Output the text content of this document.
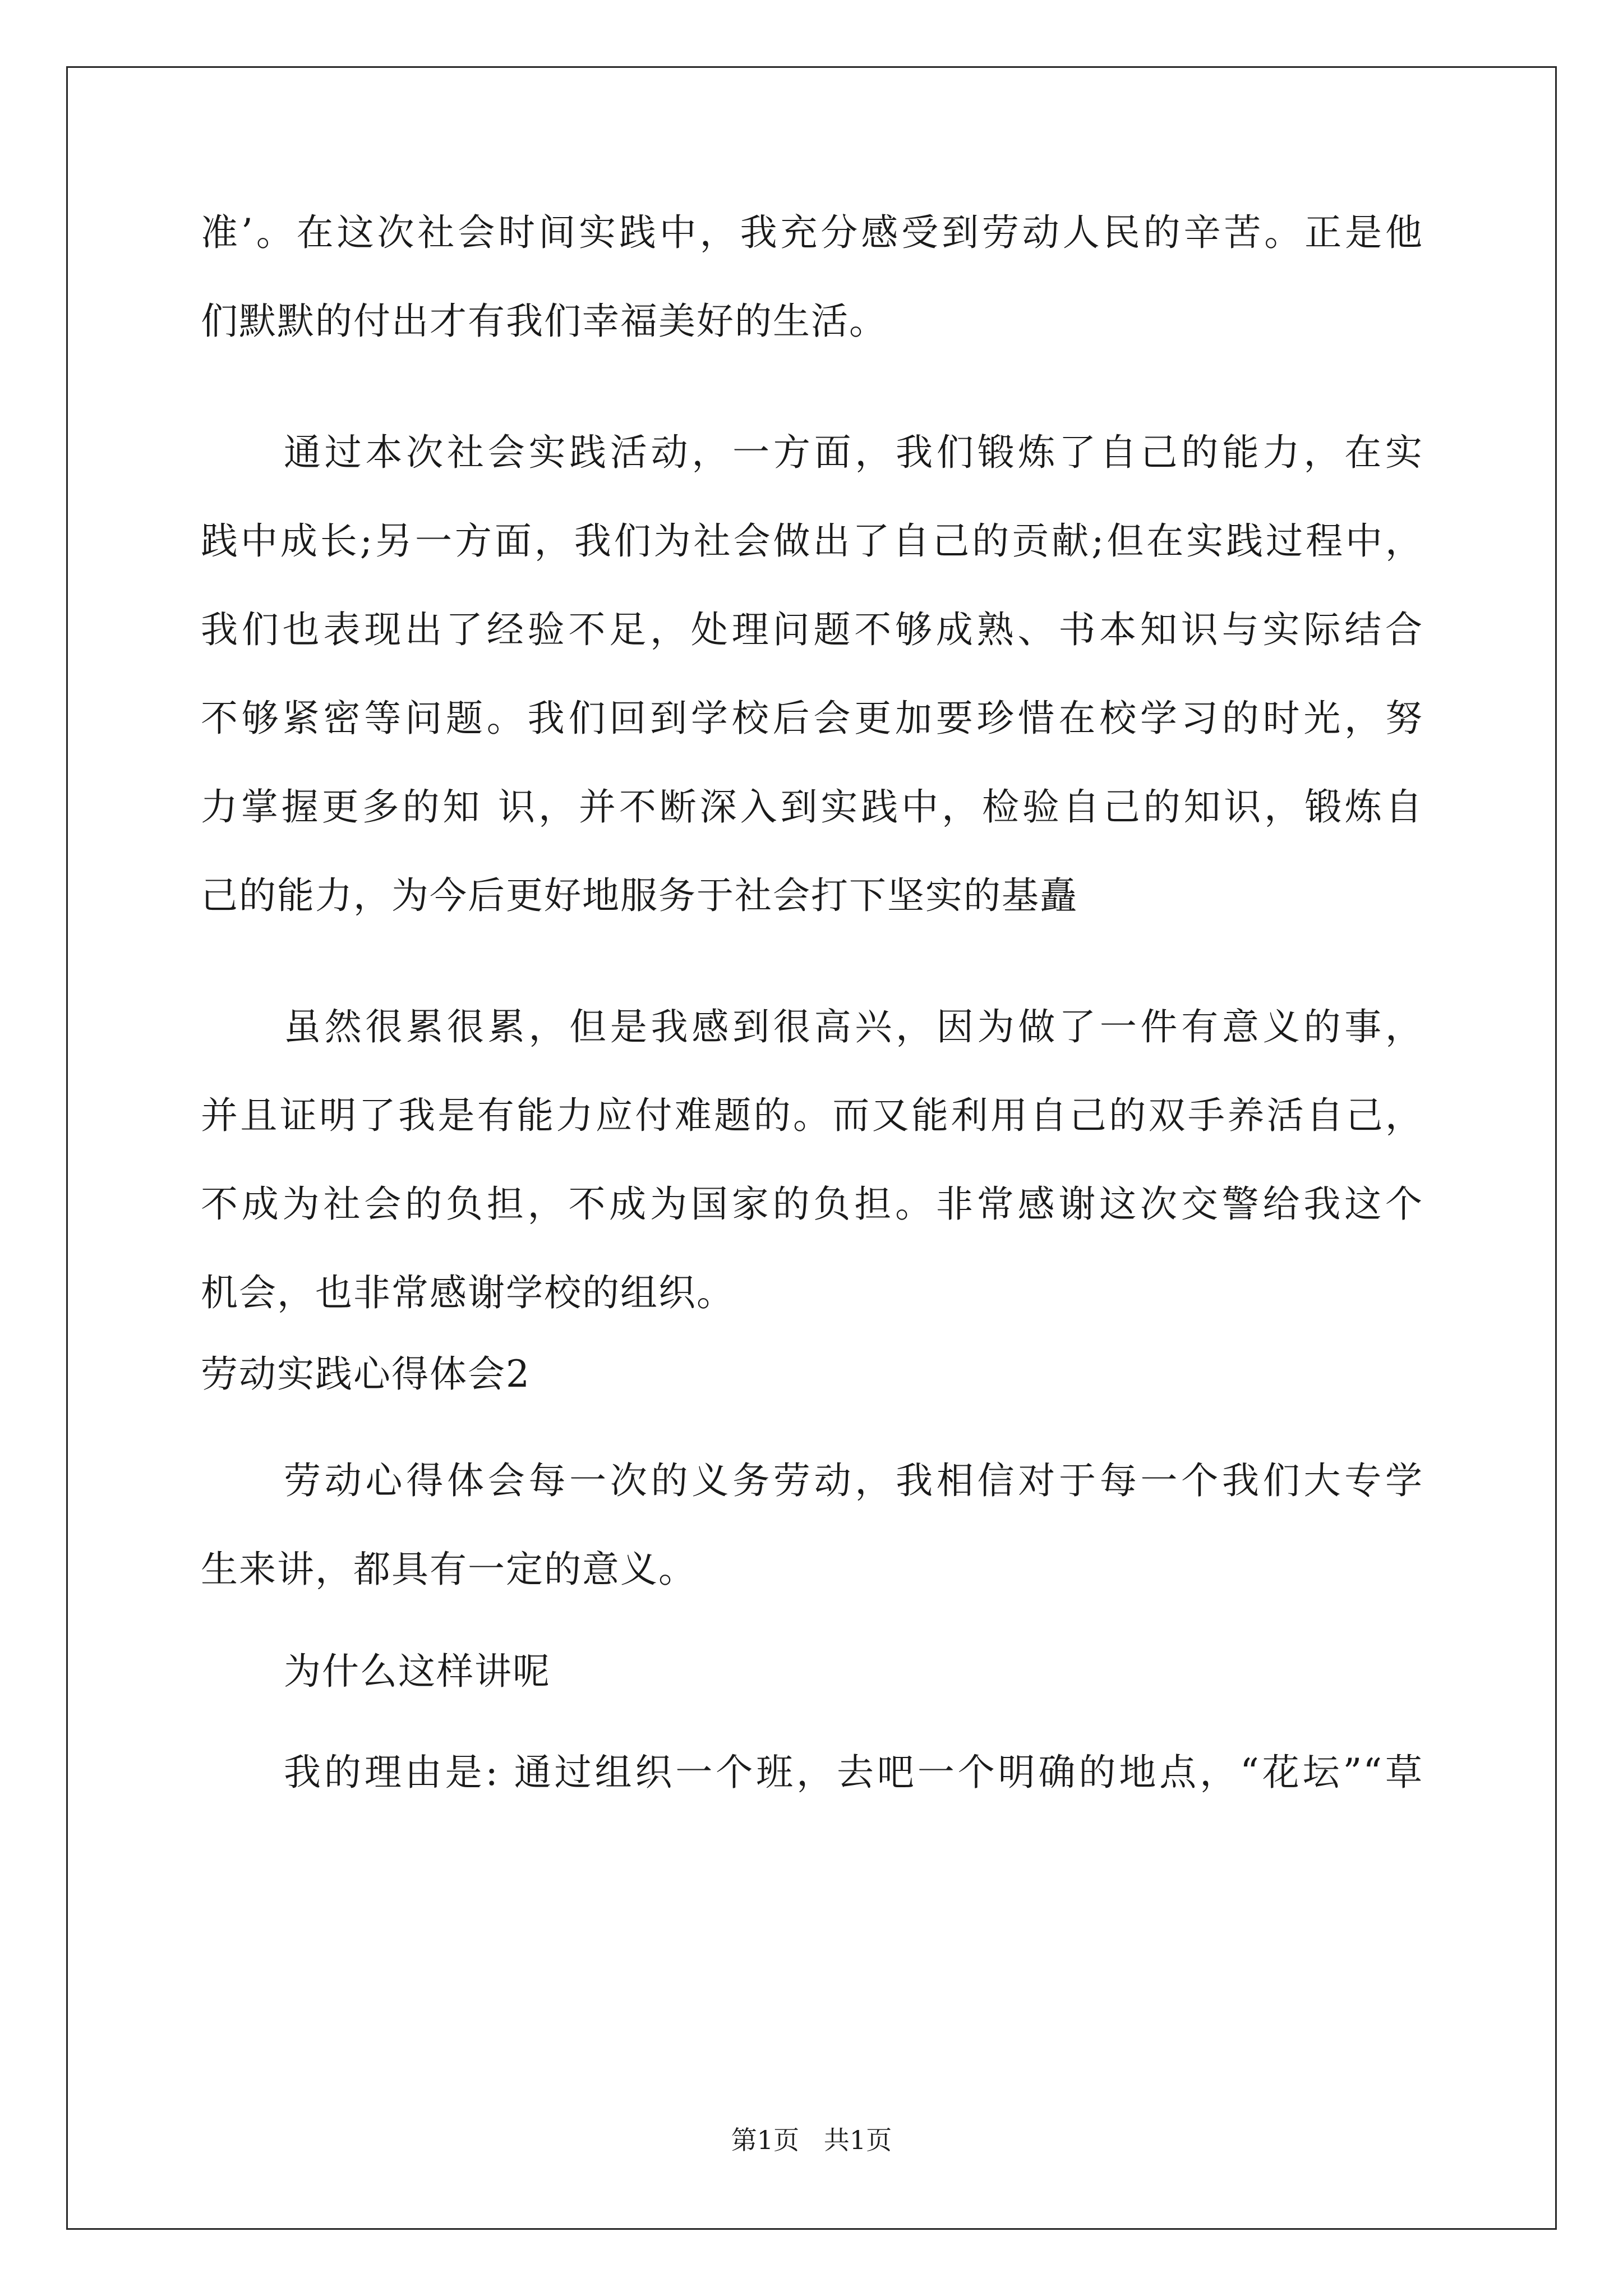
准’。在这次社会时间实践中，我充分感受到劳动人民的辛苦。正是他
们默默的付出才有我们幸福美好的生活。
通过本次社会实践活动，一方面，我们锻炼了自己的能力，在实
践中成长;另一方面，我们为社会做出了自己的贡献;但在实践过程中，
我们也表现出了经验不足，处理问题不够成熟、书本知识与实际结合
不够紧密等问题。我们回到学校后会更加要珍惜在校学习的时光，努
力掌握更多的知 识，并不断深入到实践中，检验自己的知识，锻炼自
己的能力，为今后更好地服务于社会打下坚实的基矗
虽然很累很累，但是我感到很高兴，因为做了一件有意义的事，
并且证明了我是有能力应付难题的。而又能利用自己的双手养活自己，
不成为社会的负担，不成为国家的负担。非常感谢这次交警给我这个
机会，也非常感谢学校的组织。
劳动实践心得体会2
劳动心得体会每一次的义务劳动，我相信对于每一个我们大专学
生来讲，都具有一定的意义。
为什么这样讲呢
我的理由是: 通过组织一个班，去吧一个明确的地点，“花坛”“草
第1页   共1页
